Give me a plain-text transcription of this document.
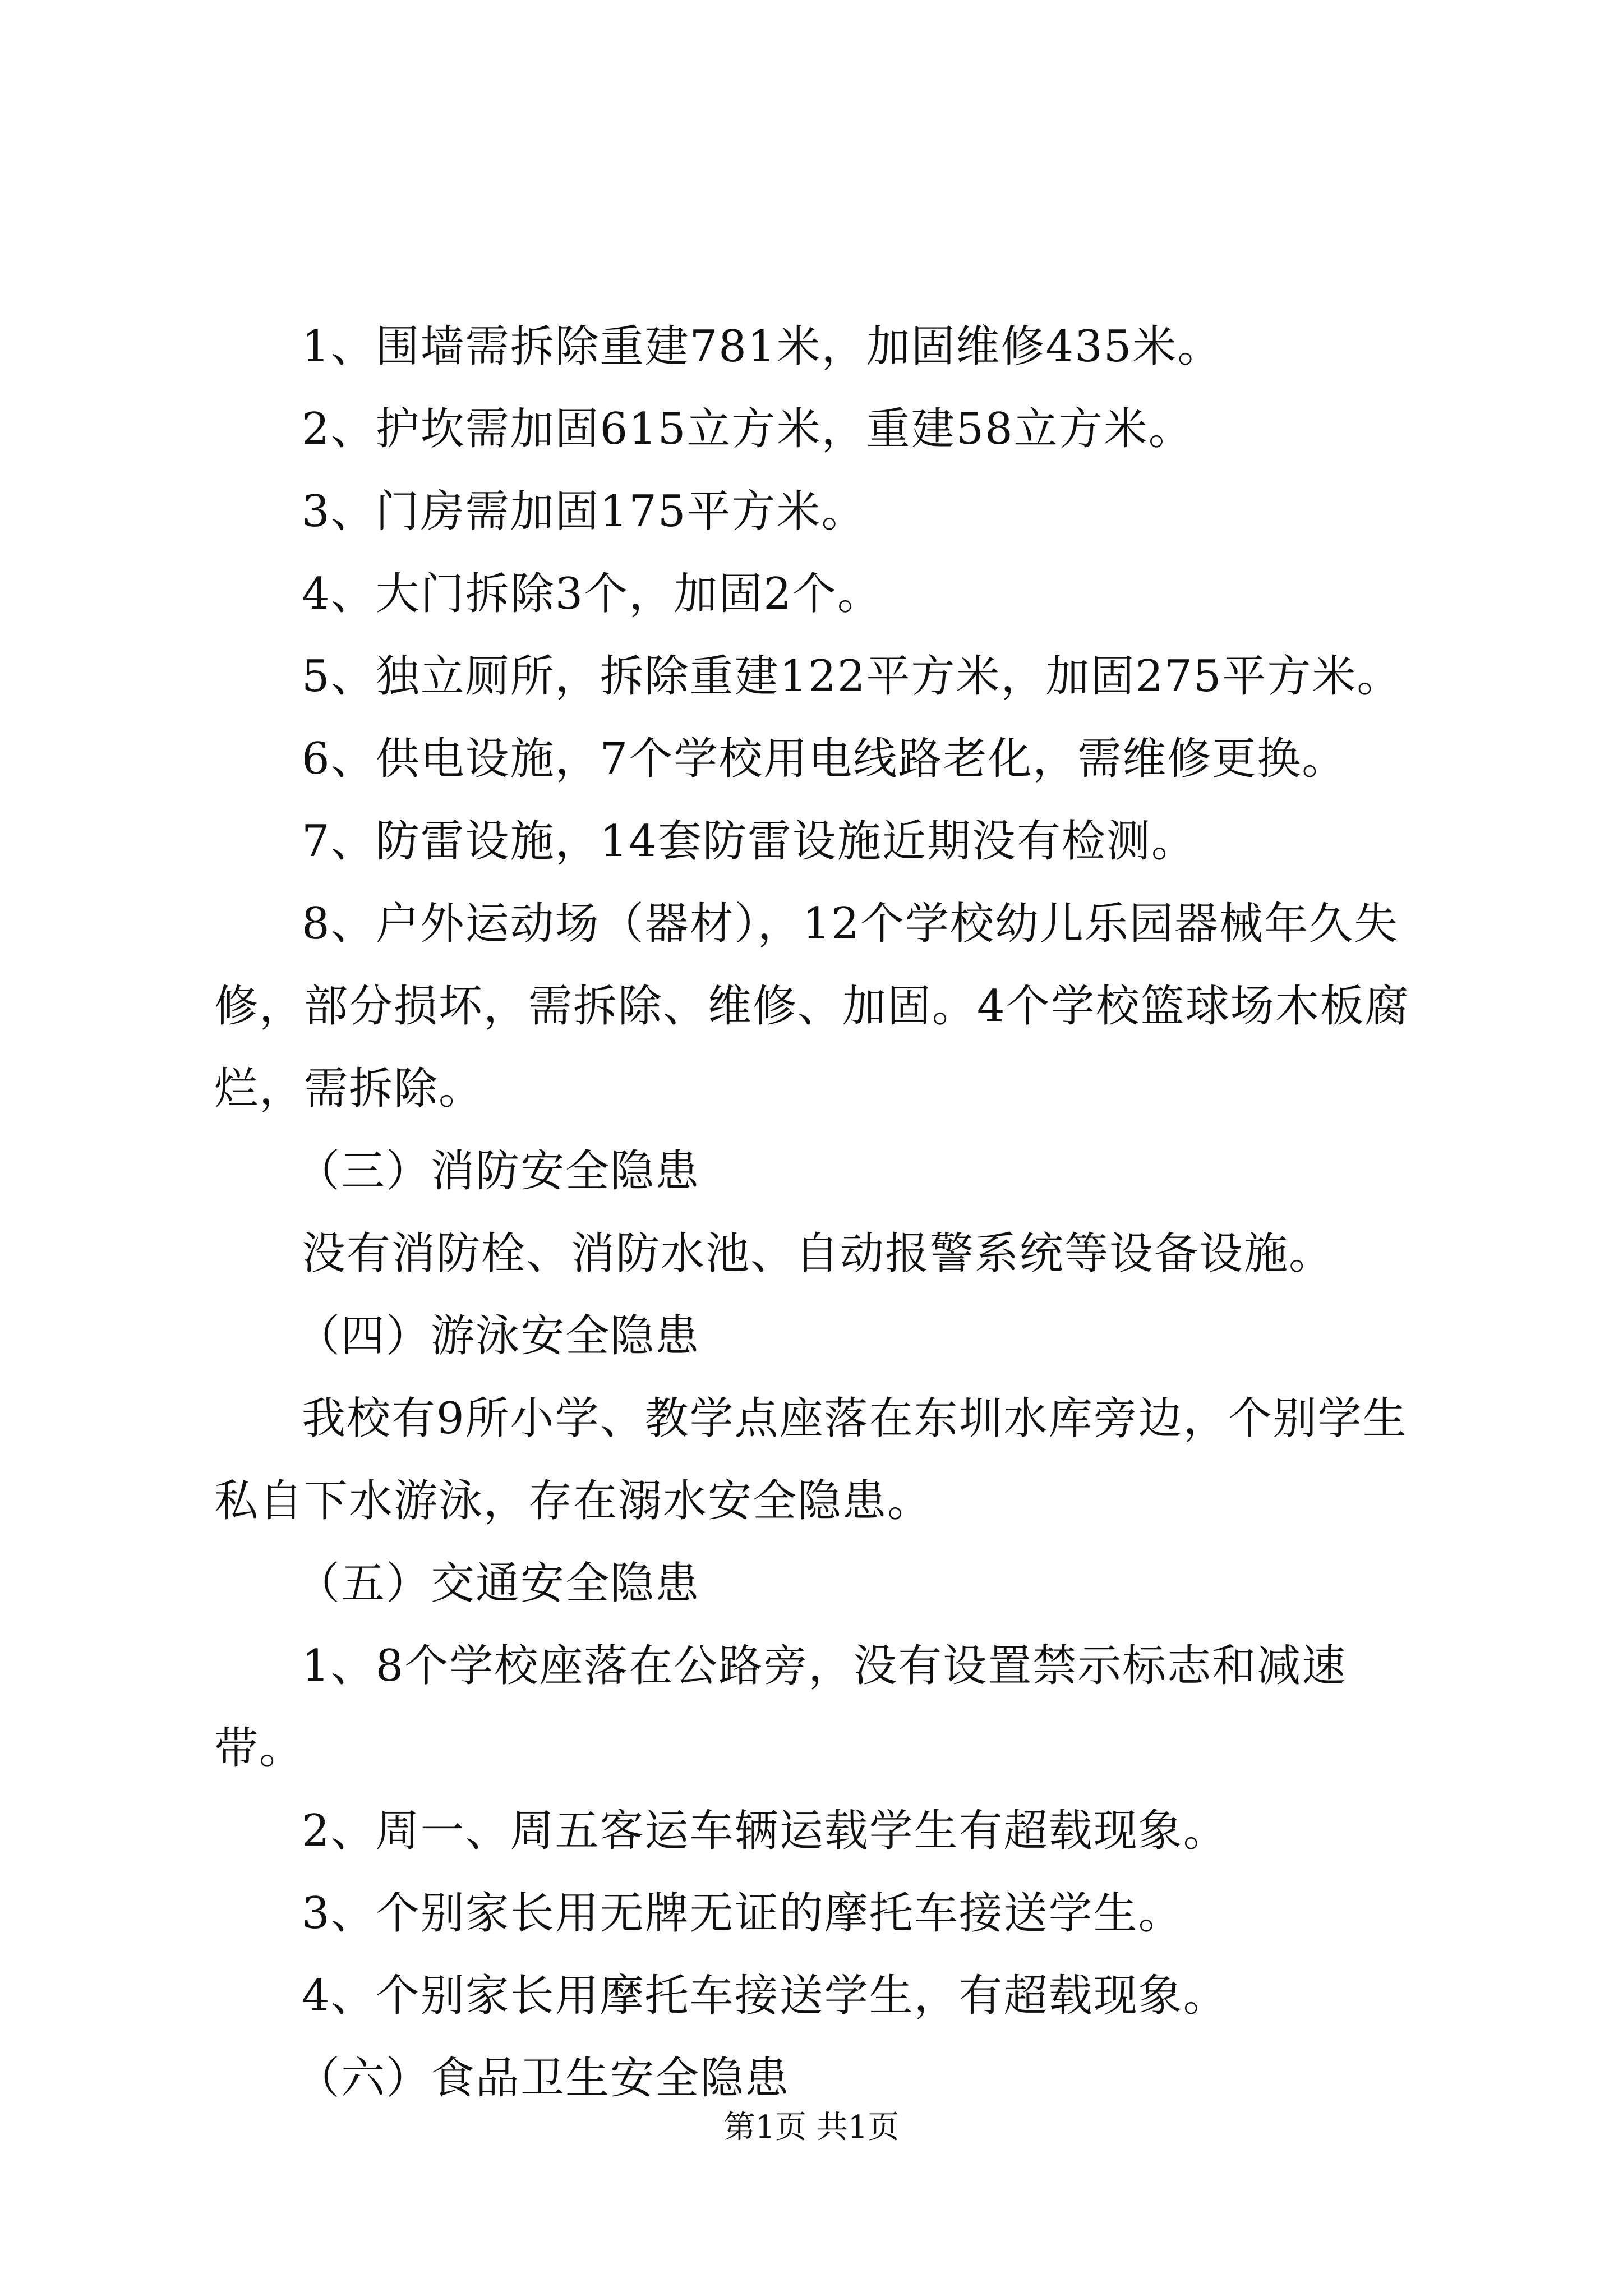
1、围墙需拆除重建781米，加固维修435米。

2、护坎需加固615立方米，重建58立方米。

3、门房需加固175平方米。

4、大门拆除3个，加固2个。

5、独立厕所，拆除重建122平方米，加固275平方米。

6、供电设施，7个学校用电线路老化，需维修更换。

7、防雷设施，14套防雷设施近期没有检测。

8、户外运动场（器材），12个学校幼儿乐园器械年久失修，部分损坏，需拆除、维修、加固。4个学校篮球场木板腐烂，需拆除。

（三）消防安全隐患

没有消防栓、消防水池、自动报警系统等设备设施。

（四）游泳安全隐患

我校有9所小学、教学点座落在东圳水库旁边，个别学生私自下水游泳，存在溺水安全隐患。

（五）交通安全隐患

1、8个学校座落在公路旁，没有设置禁示标志和减速带。

2、周一、周五客运车辆运载学生有超载现象。

3、个别家长用无牌无证的摩托车接送学生。

4、个别家长用摩托车接送学生，有超载现象。

（六）食品卫生安全隐患

第1页 共1页
